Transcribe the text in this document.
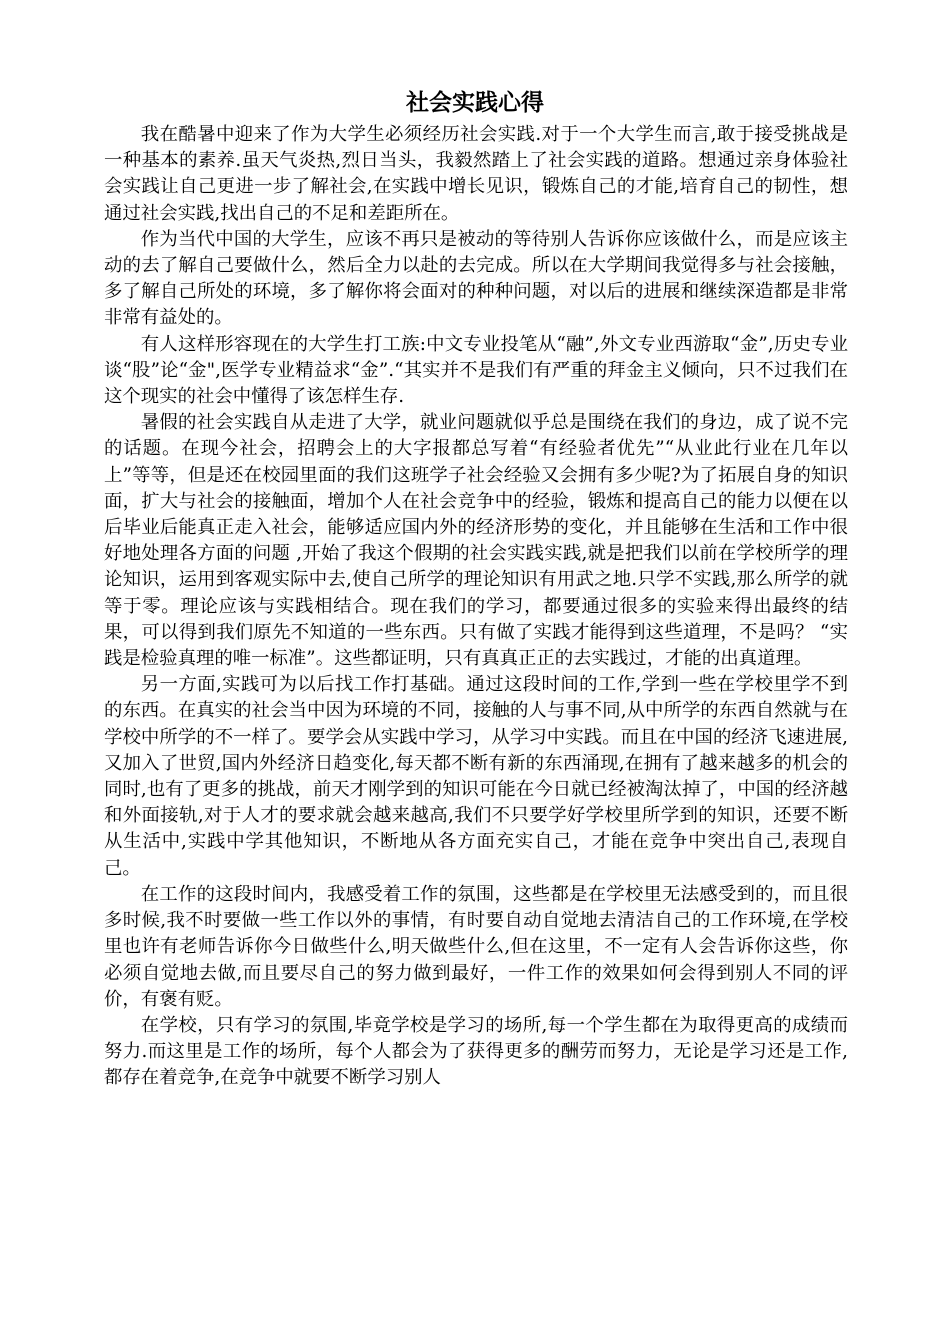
社会实践心得

我在酷暑中迎来了作为大学生必须经历社会实践.对于一个大学生而言,敢于接受挑战是一种基本的素养.虽天气炎热,烈日当头，我毅然踏上了社会实践的道路。想通过亲身体验社会实践让自己更进一步了解社会,在实践中增长见识，锻炼自己的才能,培育自己的韧性，想通过社会实践,找出自己的不足和差距所在。

作为当代中国的大学生，应该不再只是被动的等待别人告诉你应该做什么，而是应该主动的去了解自己要做什么，然后全力以赴的去完成。所以在大学期间我觉得多与社会接触，多了解自己所处的环境，多了解你将会面对的种种问题，对以后的进展和继续深造都是非常非常有益处的。

有人这样形容现在的大学生打工族:中文专业投笔从“融”,外文专业西游取“金”,历史专业谈“股”论“金",医学专业精益求“金”.“其实并不是我们有严重的拜金主义倾向，只不过我们在这个现实的社会中懂得了该怎样生存.

暑假的社会实践自从走进了大学，就业问题就似乎总是围绕在我们的身边，成了说不完的话题。在现今社会，招聘会上的大字报都总写着“有经验者优先”“从业此行业在几年以上”等等，但是还在校园里面的我们这班学子社会经验又会拥有多少呢?为了拓展自身的知识面，扩大与社会的接触面，增加个人在社会竞争中的经验，锻炼和提高自己的能力以便在以后毕业后能真正走入社会，能够适应国内外的经济形势的变化，并且能够在生活和工作中很好地处理各方面的问题 ,开始了我这个假期的社会实践实践,就是把我们以前在学校所学的理论知识，运用到客观实际中去,使自己所学的理论知识有用武之地.只学不实践,那么所学的就等于零。理论应该与实践相结合。现在我们的学习，都要通过很多的实验来得出最终的结果，可以得到我们原先不知道的一些东西。只有做了实践才能得到这些道理，不是吗？ “实践是检验真理的唯一标准”。这些都证明，只有真真正正的去实践过，才能的出真道理。

另一方面,实践可为以后找工作打基础。通过这段时间的工作,学到一些在学校里学不到的东西。在真实的社会当中因为环境的不同，接触的人与事不同,从中所学的东西自然就与在学校中所学的不一样了。要学会从实践中学习，从学习中实践。而且在中国的经济飞速进展,又加入了世贸,国内外经济日趋变化,每天都不断有新的东西涌现,在拥有了越来越多的机会的同时,也有了更多的挑战，前天才刚学到的知识可能在今日就已经被淘汰掉了，中国的经济越和外面接轨,对于人才的要求就会越来越高,我们不只要学好学校里所学到的知识，还要不断从生活中,实践中学其他知识，不断地从各方面充实自己，才能在竞争中突出自己,表现自己。

在工作的这段时间内，我感受着工作的氛围，这些都是在学校里无法感受到的，而且很多时候,我不时要做一些工作以外的事情，有时要自动自觉地去清洁自己的工作环境,在学校里也许有老师告诉你今日做些什么,明天做些什么,但在这里，不一定有人会告诉你这些，你必须自觉地去做,而且要尽自己的努力做到最好，一件工作的效果如何会得到别人不同的评价，有褒有贬。

在学校，只有学习的氛围,毕竟学校是学习的场所,每一个学生都在为取得更高的成绩而努力.而这里是工作的场所，每个人都会为了获得更多的酬劳而努力，无论是学习还是工作,都存在着竞争,在竞争中就要不断学习别人
